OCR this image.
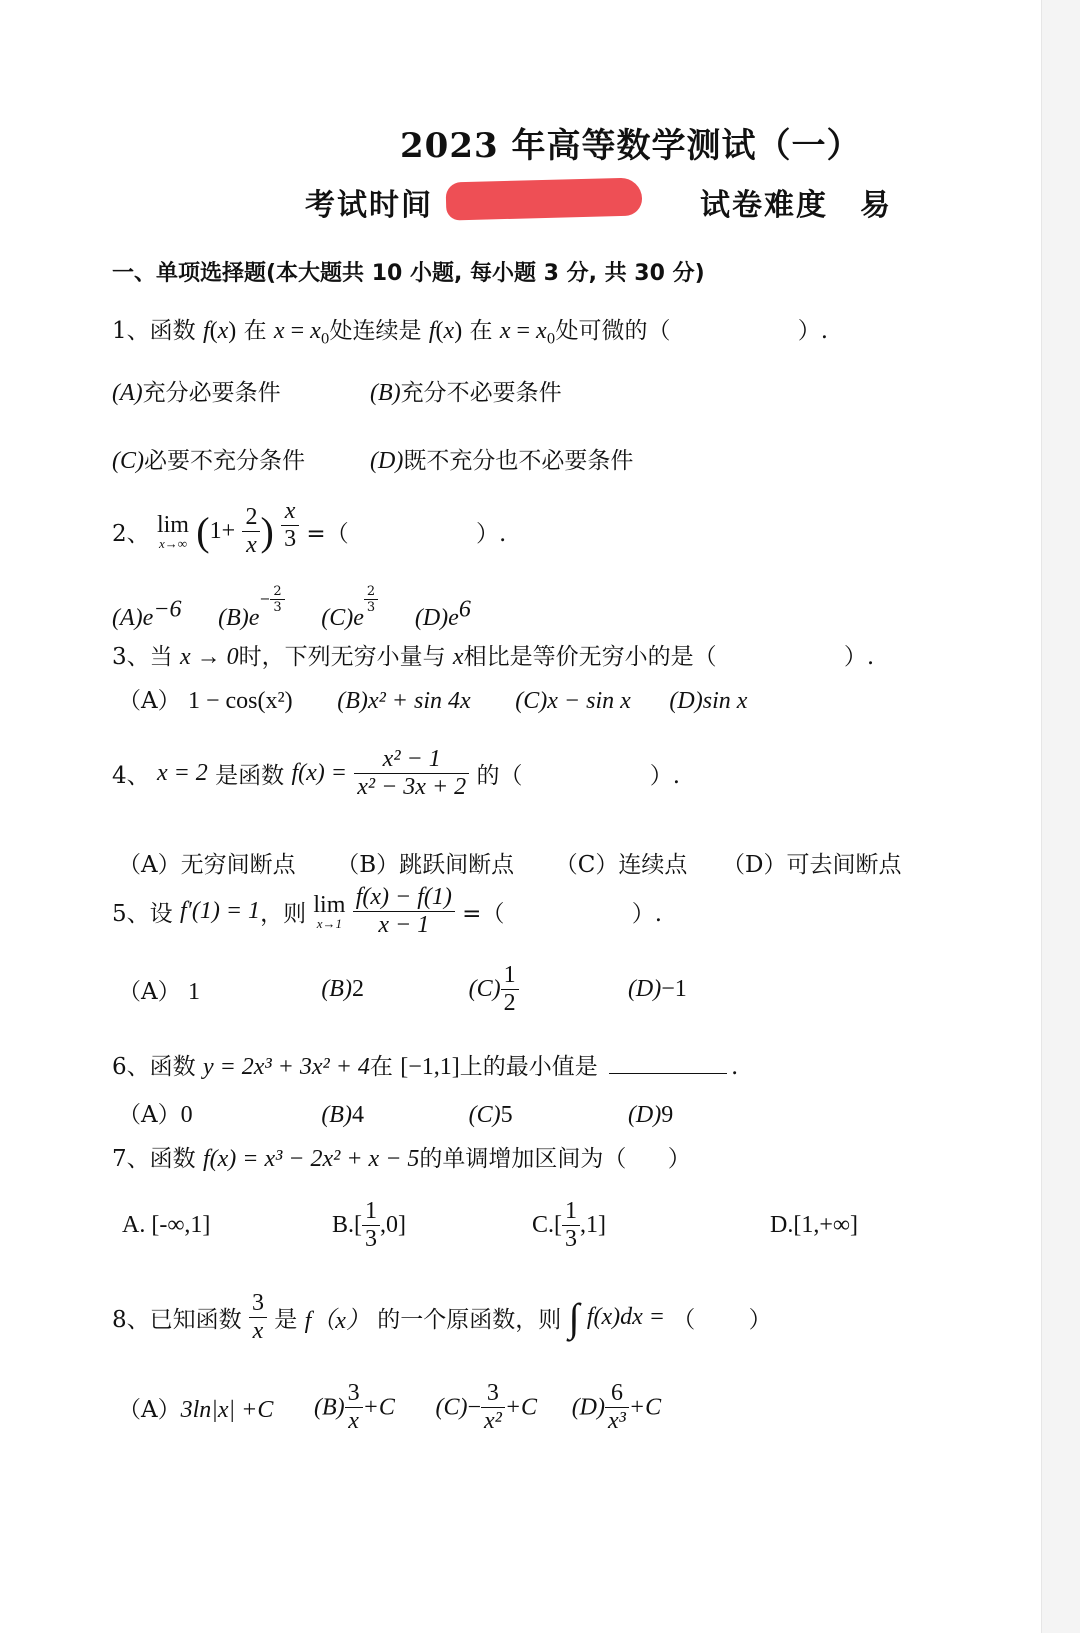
2023 年高等数学测试（一）
考试时间	试卷难度 易
一、单项选择题(本大题共 10 小题, 每小题 3 分, 共 30 分)
1、函数 f(x) 在 $x = x_0$处连续是 f(x) 在 $x = x_0$处可微的（	）.
(A)充分必要条件	(B)充分不必要条件
(C)必要不充分条件	(D)既不充分也不必要条件
2、 lim
x→∞ ($1+ \frac{2}{x}$ ) $\frac{x}{3}$ =（	）.
$(A)e^{-6}$ $(B)e- \frac{2}{3}$
(C)e
$\frac{2}{3}$
$(D)e^6$
3、当 x → 0时，下列无穷小量与 x相比是等价无穷小的是（	）.
（A） 1 − cos(x²) (B)x² + sin 4x (C)x − sin x (D)sin x
4、 x = 2 是函数 $f(x) = \frac{\text{x² − 1}}{\text{x² − 3x + 2}}$ 的（	）.
（A）无穷间断点 （B）跳跃间断点 （C）连续点 （D）可去间断点
5、设 f′(1) = 1，则 lim
x→1
$\frac{f(x) - f(1)}{x - 1}$ =（	）.
（A） 1	(B)2	$(C) \frac{1}{2}$	(D)−1
6、函数 y = 2x³ + 3x² + 4在 [−1,1]上的最小值是	.
（A）0	(B)4	(C)5	(D)9
7、函数 f(x) = x³ − 2x² + x − 5的单调增加区间为（ ）
A. [-∞,1]	$B.[ \frac{1}{3} ,0]$	$C.[ \frac{1}{3} ,1]$	D.[1,+∞]
8、已知函数 $\frac{3}{x}$ 是 f（x） 的一个原函数，则 ∫ f(x)dx = （ ）
（A）3ln|x| +C $(B) \frac{3}{x} +C$ $(C)- \frac{3}{\text{x²}} +C$ $(D) \frac{6}{\text{x³}} +C$
